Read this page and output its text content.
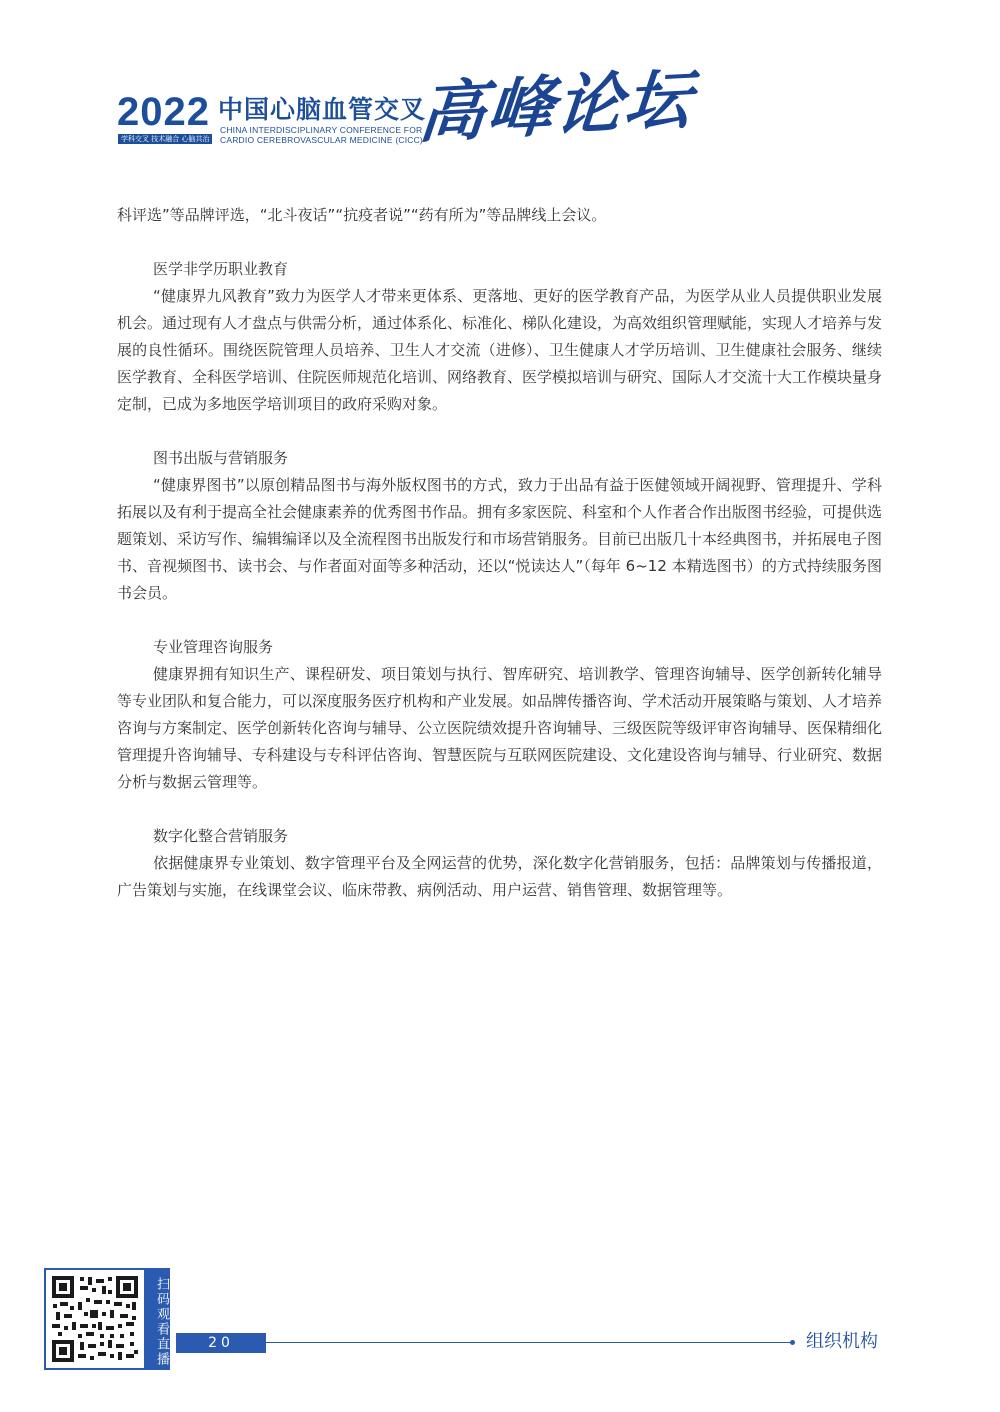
2022
学科交叉 技术融合 心脑共治
中国心脑血管交叉
CHINA INTERDISCIPLINARY CONFERENCE FOR CARDIO CEREBROVASCULAR MEDICINE (CICC)
高峰论坛

科评选”等品牌评选，“北斗夜话”“抗疫者说”“药有所为”等品牌线上会议。

医学非学历职业教育

“健康界九风教育”致力为医学人才带来更体系、更落地、更好的医学教育产品，为医学从业人员提供职业发展机会。通过现有人才盘点与供需分析，通过体系化、标准化、梯队化建设，为高效组织管理赋能，实现人才培养与发展的良性循环。围绕医院管理人员培养、卫生人才交流（进修）、卫生健康人才学历培训、卫生健康社会服务、继续医学教育、全科医学培训、住院医师规范化培训、网络教育、医学模拟培训与研究、国际人才交流十大工作模块量身定制，已成为多地医学培训项目的政府采购对象。

图书出版与营销服务

“健康界图书”以原创精品图书与海外版权图书的方式，致力于出品有益于医健领域开阔视野、管理提升、学科拓展以及有利于提高全社会健康素养的优秀图书作品。拥有多家医院、科室和个人作者合作出版图书经验，可提供选题策划、采访写作、编辑编译以及全流程图书出版发行和市场营销服务。目前已出版几十本经典图书，并拓展电子图书、音视频图书、读书会、与作者面对面等多种活动，还以“悦读达人”（每年 6~12 本精选图书）的方式持续服务图书会员。

专业管理咨询服务

健康界拥有知识生产、课程研发、项目策划与执行、智库研究、培训教学、管理咨询辅导、医学创新转化辅导等专业团队和复合能力，可以深度服务医疗机构和产业发展。如品牌传播咨询、学术活动开展策略与策划、人才培养咨询与方案制定、医学创新转化咨询与辅导、公立医院绩效提升咨询辅导、三级医院等级评审咨询辅导、医保精细化管理提升咨询辅导、专科建设与专科评估咨询、智慧医院与互联网医院建设、文化建设咨询与辅导、行业研究、数据分析与数据云管理等。

数字化整合营销服务

依据健康界专业策划、数字管理平台及全网运营的优势，深化数字化营销服务，包括：品牌策划与传播报道，广告策划与实施，在线课堂会议、临床带教、病例活动、用户运营、销售管理、数据管理等。

扫码观看直播	20	组织机构
